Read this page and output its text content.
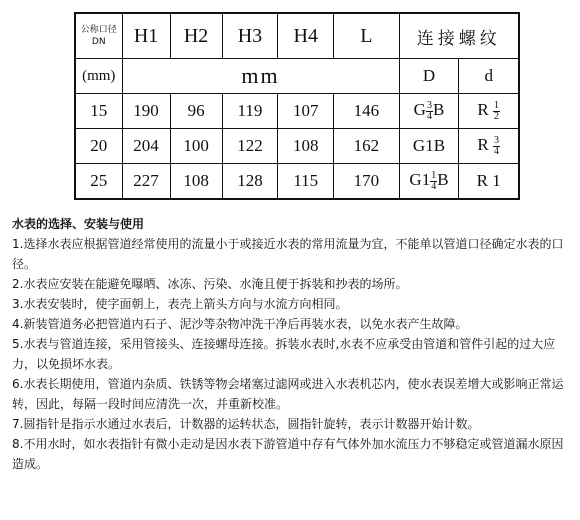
公称口径
DN	H1	H2	H3	H4	L	连接螺纹	
(mm)	mm					D	d
15	190	96	119	107	146	G $\frac{3}{4}$ B	R $\frac{1}{2}$

20	204	100	122	108	162	G1B	R $\frac{3}{4}$

25	227	108	128	115	170	$G1 \frac{1}{4}$ B	R 1

水表的选择、安装与使用

1.选择水表应根据管道经常使用的流量小于或接近水表的常用流量为宜，不能单以管道口径确定水表的口径。

2.水表应安装在能避免曝晒、冰冻、污染、水淹且便于拆装和抄表的场所。

3.水表安装时，使字面朝上，表壳上箭头方向与水流方向相同。

4.新装管道务必把管道内石子、泥沙等杂物冲洗干净后再装水表，以免水表产生故障。

5.水表与管道连接，采用管接头、连接螺母连接。拆装水表时,水表不应承受由管道和管件引起的过大应力，以免损坏水表。

6.水表长期使用，管道内杂质、铁锈等物会堵塞过滤网或进入水表机芯内，使水表误差增大或影响正常运转，因此，每隔一段时间应清洗一次，并重新校准。

7.圆指针是指示水通过水表后，计数器的运转状态，圆指针旋转，表示计数器开始计数。

8.不用水时，如水表指针有微小走动是因水表下游管道中存有气体外加水流压力不够稳定或管道漏水原因造成。
